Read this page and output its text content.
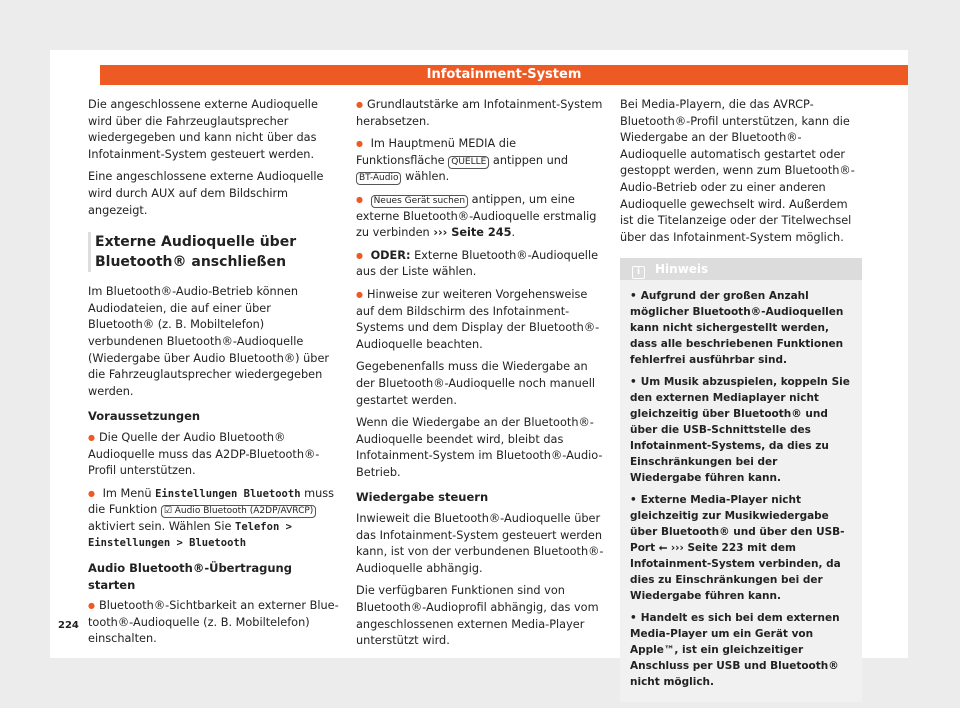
Infotainment-System

Die angeschlossene externe Audioquelle wird über die Fahrzeuglautsprecher wiedergegeben und kann nicht über das Infotainment-System gesteuert werden.

Eine angeschlossene externe Audioquelle wird durch AUX auf dem Bildschirm angezeigt.

Externe Audioquelle über Bluetooth® anschließen

Im Bluetooth®-Audio-Betrieb können Audiodateien, die auf einer über Bluetooth® (z. B. Mobiltelefon) verbundenen Bluetooth®-Audioquelle (Wiedergabe über Audio Bluetooth®) über die Fahrzeuglautsprecher wiedergegeben werden.

Voraussetzungen

● Die Quelle der Audio Bluetooth® Audioquelle muss das A2DP-Bluetooth®-Profil unterstützen.

● Im Menü Einstellungen Bluetooth muss die Funktion ☑ Audio Bluetooth (A2DP/AVRCP) aktiviert sein. Wählen Sie Telefon > Einstellungen > Bluetooth

Audio Bluetooth®-Übertragung starten

● Bluetooth®-Sichtbarkeit an externer Blue-tooth®-Audioquelle (z. B. Mobiltelefon) einschalten.

● Grundlautstärke am Infotainment-System herabsetzen.

● Im Hauptmenü MEDIA die Funktionsfläche QUELLE antippen und BT-Audio wählen.

● Neues Gerät suchen antippen, um eine externe Bluetooth®-Audioquelle erstmalig zu verbinden ››› Seite 245.

● ODER: Externe Bluetooth®-Audioquelle aus der Liste wählen.

● Hinweise zur weiteren Vorgehensweise auf dem Bildschirm des Infotainment-Systems und dem Display der Bluetooth®-Audioquelle beachten.

Gegebenenfalls muss die Wiedergabe an der Bluetooth®-Audioquelle noch manuell gestartet werden.

Wenn die Wiedergabe an der Bluetooth®-Audioquelle beendet wird, bleibt das Infotainment-System im Bluetooth®-Audio-Betrieb.

Wiedergabe steuern

Inwieweit die Bluetooth®-Audioquelle über das Infotainment-System gesteuert werden kann, ist von der verbundenen Bluetooth®-Audioquelle abhängig.

Die verfügbaren Funktionen sind von Bluetooth®-Audioprofil abhängig, das vom angeschlossenen externen Media-Player unterstützt wird.

Bei Media-Playern, die das AVRCP-Bluetooth®-Profil unterstützen, kann die Wiedergabe an der Bluetooth®-Audioquelle automatisch gestartet oder gestoppt werden, wenn zum Bluetooth®-Audio-Betrieb oder zu einer anderen Audioquelle gewechselt wird. Außerdem ist die Titelanzeige oder der Titelwechsel über das Infotainment-System möglich.

i Hinweis

• Aufgrund der großen Anzahl möglicher Bluetooth®-Audioquellen kann nicht sichergestellt werden, dass alle beschriebenen Funktionen fehlerfrei ausführbar sind.

• Um Musik abzuspielen, koppeln Sie den externen Mediaplayer nicht gleichzeitig über Bluetooth® und über die USB-Schnittstelle des Infotainment-Systems, da dies zu Einschränkungen bei der Wiedergabe führen kann.

• Externe Media-Player nicht gleichzeitig zur Musikwiedergabe über Bluetooth® und über den USB-Port ⭠ ››› Seite 223 mit dem Infotainment-System verbinden, da dies zu Einschränkungen bei der Wiedergabe führen kann.

• Handelt es sich bei dem externen Media-Player um ein Gerät von Apple™, ist ein gleichzeitiger Anschluss per USB und Bluetooth® nicht möglich.

224
